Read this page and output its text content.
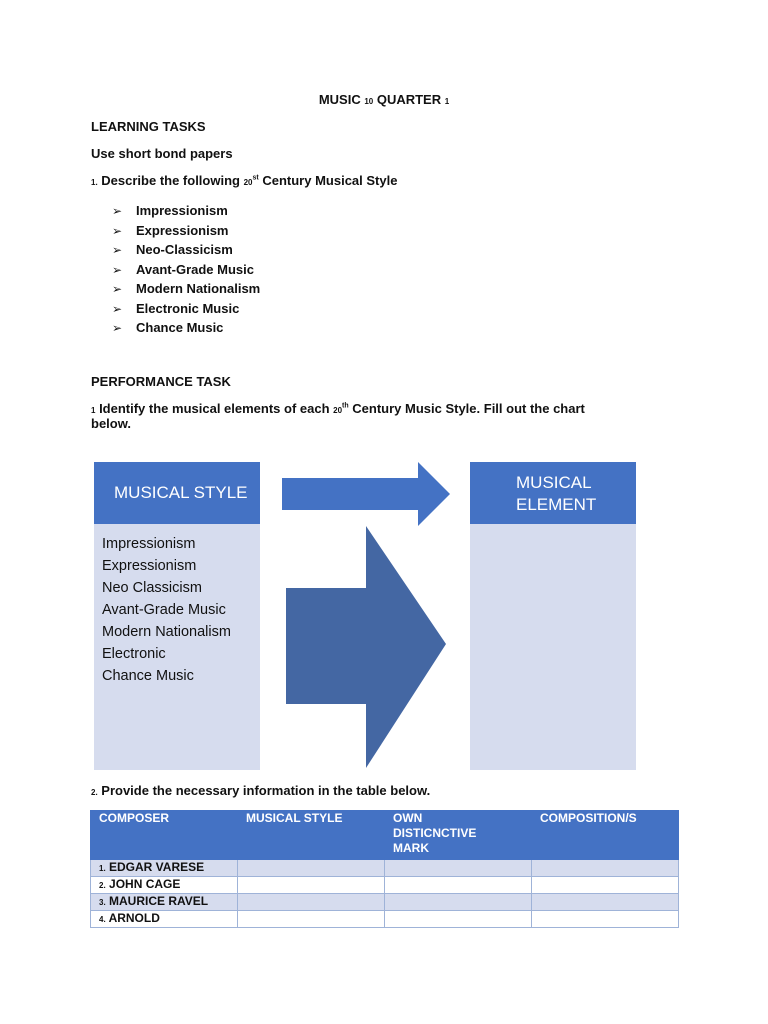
MUSIC 10 QUARTER 1
LEARNING TASKS
Use short bond papers
1. Describe the following 20st Century Musical Style
➢ Impressionism
➢ Expressionism
➢ Neo-Classicism
➢ Avant-Grade Music
➢ Modern Nationalism
➢ Electronic Music
➢ Chance Music
PERFORMANCE TASK
1 Identify the musical elements of each 20th Century Music Style. Fill out the chart
below.
MUSICAL STYLE
Impressionism
Expressionism
Neo Classicism
Avant-Grade Music
Modern Nationalism
Electronic
Chance Music
MUSICAL
ELEMENT
2. Provide the necessary information in the table below.
COMPOSER	MUSICAL STYLE	OWN DISTICNCTIVE MARK	COMPOSITION/S
1. EDGAR VARESE			
2. JOHN CAGE			
3. MAURICE RAVEL			
4. ARNOLD			
